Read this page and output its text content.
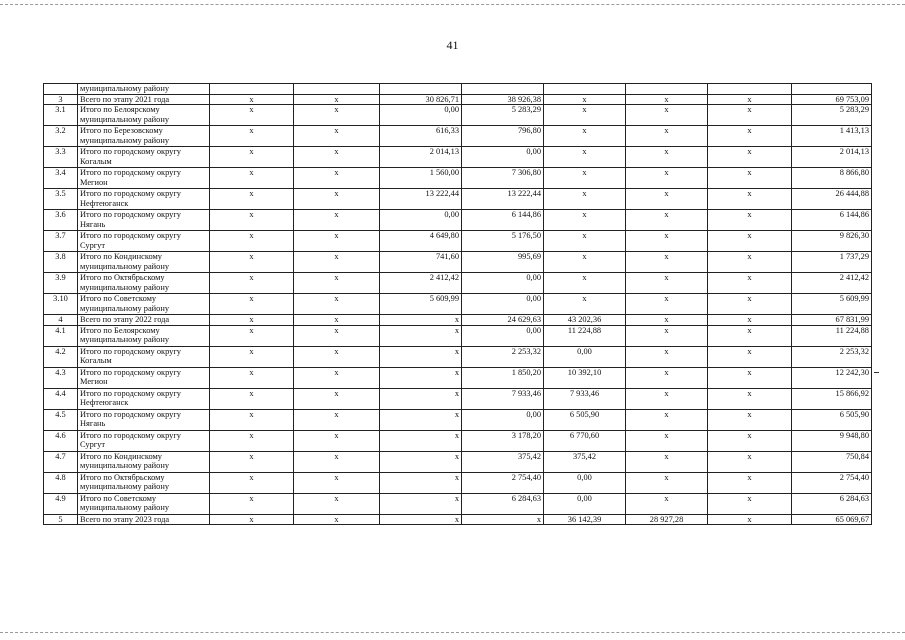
41

	муниципальному району								

3	Всего по этапу 2021 года	x	x	30 826,71	38 926,38	x	x	x	69 753,09
3.1	Итого по Белоярскому
муниципальному району	x	x	0,00	5 283,29	x	x	x	5 283,29
3.2	Итого по Березовскому
муниципальному району	x	x	616,33	796,80	x	x	x	1 413,13
3.3	Итого по городскому округу
Когалым	x	x	2 014,13	0,00	x	x	x	2 014,13
3.4	Итого по городскому округу
Мегион	x	x	1 560,00	7 306,80	x	x	x	8 866,80
3.5	Итого по городскому округу
Нефтеюганск	x	x	13 222,44	13 222,44	x	x	x	26 444,88
3.6	Итого по городскому округу
Нягань	x	x	0,00	6 144,86	x	x	x	6 144,86
3.7	Итого по городскому округу
Сургут	x	x	4 649,80	5 176,50	x	x	x	9 826,30
3.8	Итого по Кондинскому
муниципальному району	x	x	741,60	995,69	x	x	x	1 737,29
3.9	Итого по Октябрьскому
муниципальному району	x	x	2 412,42	0,00	x	x	x	2 412,42
3.10	Итого по Советскому
муниципальному району	x	x	5 609,99	0,00	x	x	x	5 609,99
4	Всего по этапу 2022 года	x	x	x	24 629,63	43 202,36	x	x	67 831,99
4.1	Итого по Белоярскому
муниципальному району	x	x	x	0,00	11 224,88	x	x	11 224,88
4.2	Итого по городскому округу
Когалым	x	x	x	2 253,32	0,00	x	x	2 253,32
4.3	Итого по городскому округу
Мегион	x	x	x	1 850,20	10 392,10	x	x	12 242,30
4.4	Итого по городскому округу
Нефтеюганск	x	x	x	7 933,46	7 933,46	x	x	15 866,92
4.5	Итого по городскому округу
Нягань	x	x	x	0,00	6 505,90	x	x	6 505,90
4.6	Итого по городскому округу
Сургут	x	x	x	3 178,20	6 770,60	x	x	9 948,80
4.7	Итого по Кондинскому
муниципальному району	x	x	x	375,42	375,42	x	x	750,84
4.8	Итого по Октябрьскому
муниципальному району	x	x	x	2 754,40	0,00	x	x	2 754,40
4.9	Итого по Советскому
муниципальному району	x	x	x	6 284,63	0,00	x	x	6 284,63
5	Всего по этапу 2023 года	x	x	x	x	36 142,39	28 927,28	x	65 069,67
